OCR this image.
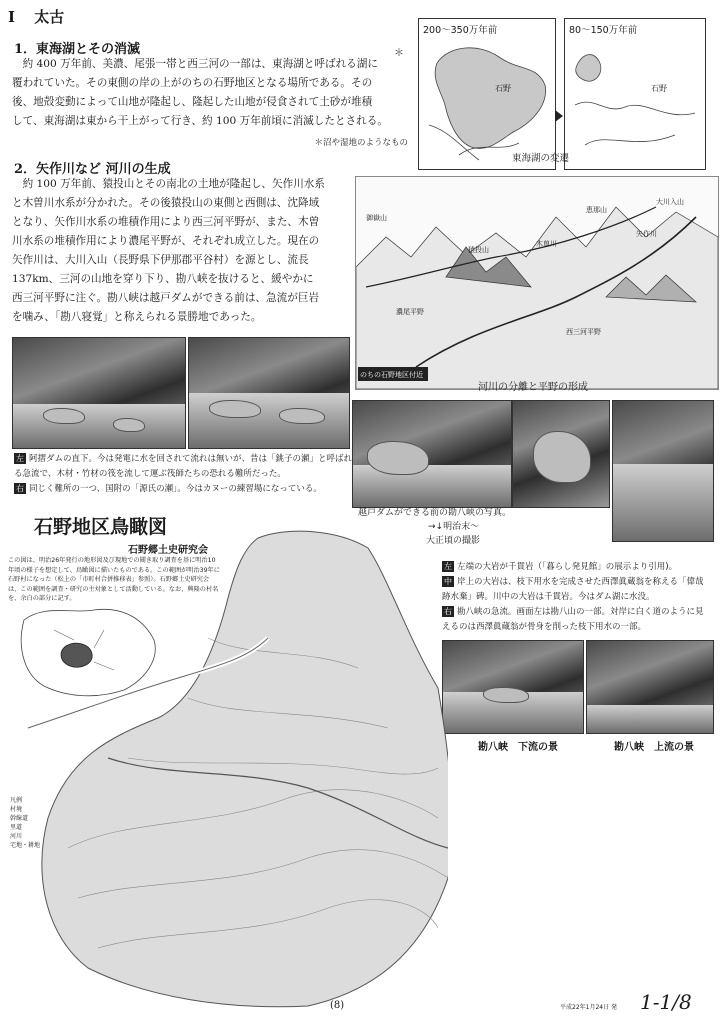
Ⅰ 太古
1．東海湖とその消滅	＊

約 400 万年前、美濃、尾張一帯と西三河の一部は、東海湖と呼ばれる湖に

覆われていた。その東側の岸の上がのちの石野地区となる場所である。その

後、地殻変動によって山地が隆起し、隆起した山地が侵食されて土砂が堆積

して、東海湖は東から干上がって行き、約 100 万年前頃に消滅したとされる。

＊沼や湿地のようなもの
200〜350万年前
石野
80〜150万年前
石野
東海湖の変遷
2．矢作川など 河川の生成

約 100 万年前、猿投山とその南北の土地が隆起し、矢作川水系

と木曽川水系が分かれた。その後猿投山の東側と西側は、沈降域

となり、矢作川水系の堆積作用により西三河平野が、また、木曽

川水系の堆積作用により濃尾平野が、それぞれ成立した。現在の

矢作川は、大川入山（長野県下伊那郡平谷村）を源とし、流長

137km、三河の山地を穿り下り、勘八峡を抜けると、緩やかに

西三河平野に注ぐ。勘八峡は越戸ダムができる前は、急流が巨岩

を噛み、「勘八寝覚」と称えられる景勝地であった。

御嶽山
恵那山
大川入山
木曽川
矢作川
猿投山
濃尾平野
西三河平野
のちの石野地区付近
河川の分離と平野の形成
左 阿摺ダムの直下。今は発電に水を回されて流れは無いが、昔は「銚子の瀬」と呼ばれる急流で、木材・竹材の筏を流して運ぶ筏師たちの恐れる難所だった。
右 同じく難所の一つ、国附の「源氏の瀬」。今はカヌーの練習場になっている。
越戸ダムができる前の勘八峡の写真。
→↓明治末〜
大正頃の撮影
左 左端の大岩が千貫岩（「暮らし発見館」の展示より引用)。
中 岸上の大岩は、枝下用水を完成させた西澤眞蔵翁を称える「偉哉跡水棄」碑。川中の大岩は千貫岩。今はダム湖に水没。
右 勘八峡の急流。画面左は勘八山の一部。対岸に白く道のように見えるのは西澤眞蔵翁が骨身を削った枝下用水の一部。
勘八峡　下流の景	勘八峡　上流の景
石野地区鳥瞰図
石野郷土史研究会
この図は、明治26年発行の地形図及び現地での聞き取り調査を基に明治10年頃の様子を想定して、鳥瞰図に描いたものである。この範囲が明治39年に石野村になった（松上の「市町村合併推移表」参照）。石野郷土史研究会は、この範囲を調査・研究の主対象として活動している。なお、興隆の村名を、余白の部分に記す。
凡例
村境
幹線道
里道
河川
宅地・耕地
(8)	平成22年1月24日 発 1-1/8
